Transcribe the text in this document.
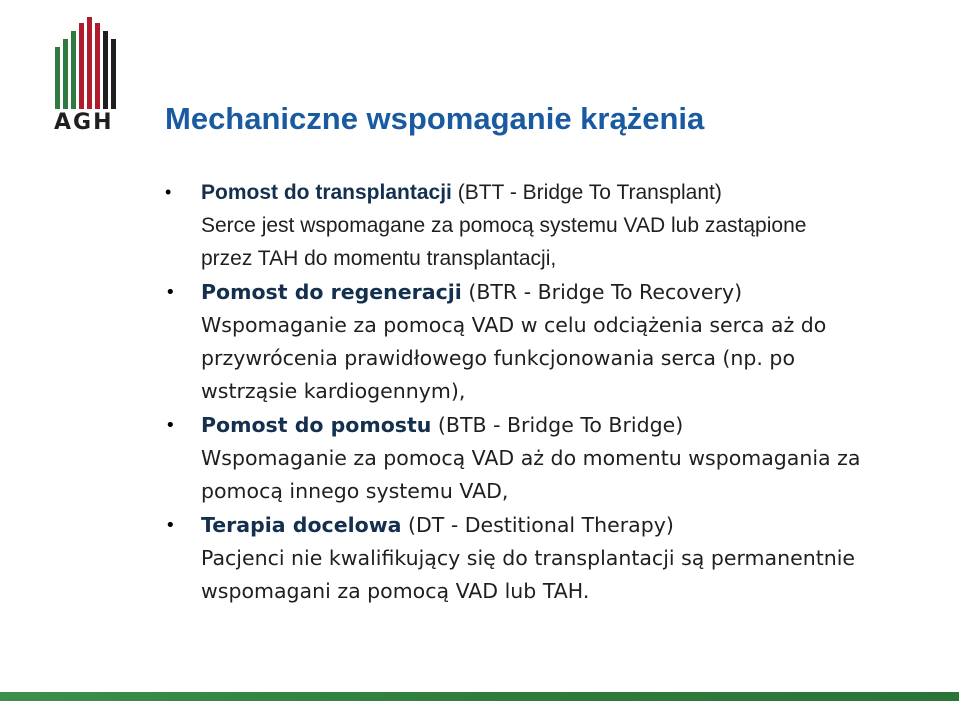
AGH Mechaniczne wspomaganie krążenia
• Pomost do transplantacji (BTT - Bridge To Transplant)
Serce jest wspomagane za pomocą systemu VAD lub zastąpione
przez TAH do momentu transplantacji,
• Pomost do regeneracji (BTR - Bridge To Recovery)
Wspomaganie za pomocą VAD w celu odciążenia serca aż do
przywrócenia prawidłowego funkcjonowania serca (np. po
wstrząsie kardiogennym),
• Pomost do pomostu (BTB - Bridge To Bridge)
Wspomaganie za pomocą VAD aż do momentu wspomagania za
pomocą innego systemu VAD,
• Terapia docelowa (DT - Destitional Therapy)
Pacjenci nie kwalifikujący się do transplantacji są permanentnie
wspomagani za pomocą VAD lub TAH.
